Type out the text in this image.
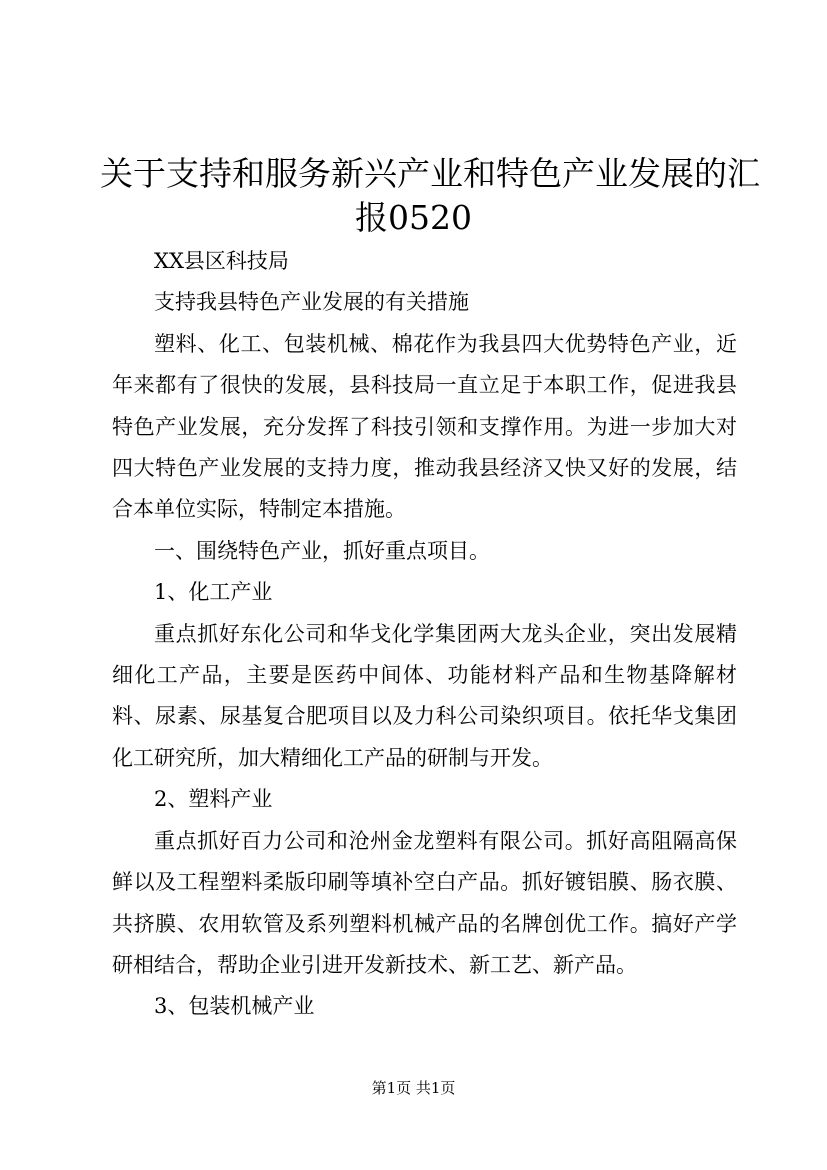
关于支持和服务新兴产业和特色产业发展的汇
报0520

XX县区科技局

支持我县特色产业发展的有关措施

塑料、化工、包装机械、棉花作为我县四大优势特色产业，近年来都有了很快的发展，县科技局一直立足于本职工作，促进我县特色产业发展，充分发挥了科技引领和支撑作用。为进一步加大对四大特色产业发展的支持力度，推动我县经济又快又好的发展，结合本单位实际，特制定本措施。

一、围绕特色产业，抓好重点项目。

1、化工产业

重点抓好东化公司和华戈化学集团两大龙头企业，突出发展精细化工产品，主要是医药中间体、功能材料产品和生物基降解材料、尿素、尿基复合肥项目以及力科公司染织项目。依托华戈集团化工研究所，加大精细化工产品的研制与开发。

2、塑料产业

重点抓好百力公司和沧州金龙塑料有限公司。抓好高阻隔高保鲜以及工程塑料柔版印刷等填补空白产品。抓好镀铝膜、肠衣膜、共挤膜、农用软管及系列塑料机械产品的名牌创优工作。搞好产学研相结合，帮助企业引进开发新技术、新工艺、新产品。

3、包装机械产业

第1页 共1页
